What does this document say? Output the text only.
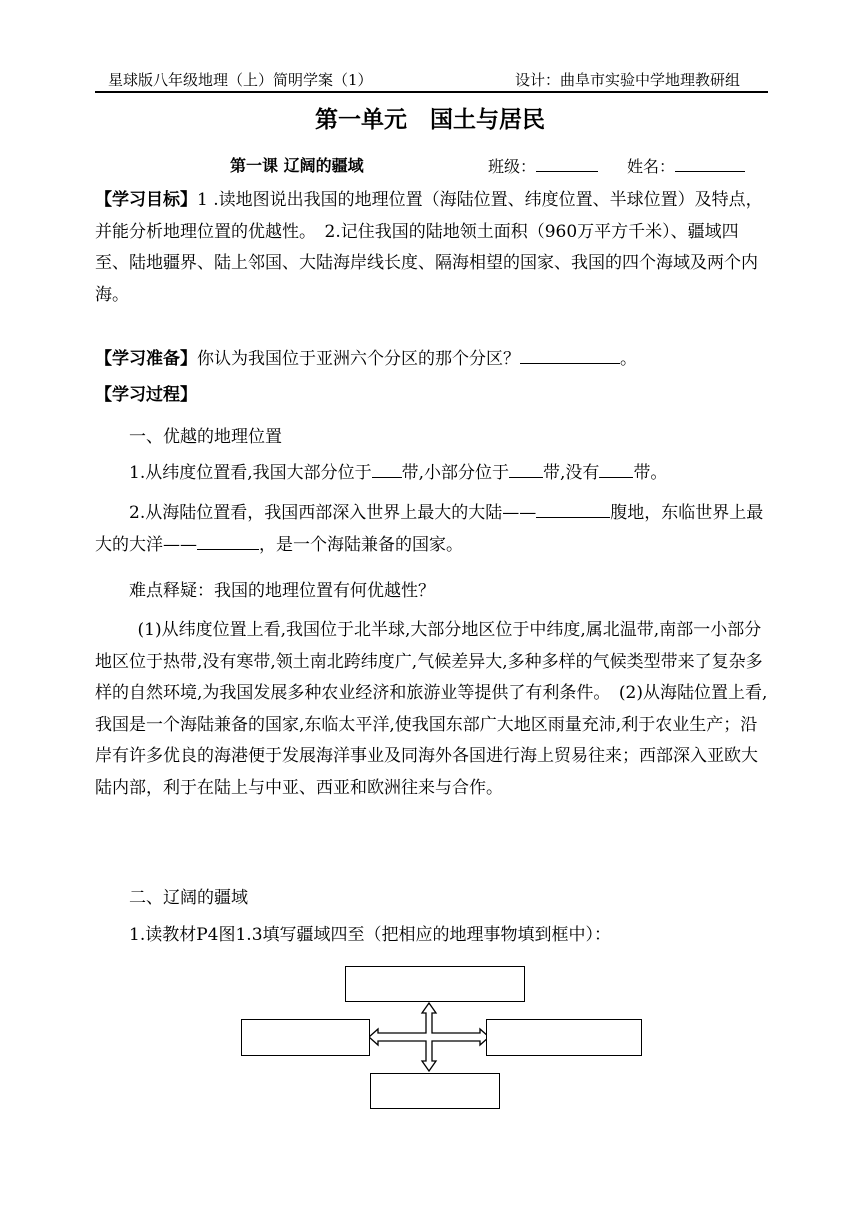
星球版八年级地理（上）简明学案（1）	设计：曲阜市实验中学地理教研组
第一单元　国土与居民
第一课 辽阔的疆域	班级：	姓名：
【学习目标】1 .读地图说出我国的地理位置（海陆位置、纬度位置、半球位置）及特点，并能分析地理位置的优越性。　2.记住我国的陆地领土面积（960万平方千米）、疆域四至、陆地疆界、陆上邻国、大陆海岸线长度、隔海相望的国家、我国的四个海域及两个内海。
【学习准备】你认为我国位于亚洲六个分区的那个分区？	。
【学习过程】
一、优越的地理位置
1.从纬度位置看,我国大部分位于 带,小部分位于 带,没有 带。
2.从海陆位置看，我国西部深入世界上最大的大陆——	腹地，东临世界上最大的大洋——	，是一个海陆兼备的国家。
难点释疑：我国的地理位置有何优越性？
(1)从纬度位置上看,我国位于北半球,大部分地区位于中纬度,属北温带,南部一小部分地区位于热带,没有寒带,领土南北跨纬度广,气候差异大,多种多样的气候类型带来了复杂多样的自然环境,为我国发展多种农业经济和旅游业等提供了有利条件。　(2)从海陆位置上看,我国是一个海陆兼备的国家,东临太平洋,使我国东部广大地区雨量充沛,利于农业生产；沿岸有许多优良的海港便于发展海洋事业及同海外各国进行海上贸易往来；西部深入亚欧大陆内部，利于在陆上与中亚、西亚和欧洲往来与合作。
二、辽阔的疆域
1.读教材P4图1.3填写疆域四至（把相应的地理事物填到框中）：
